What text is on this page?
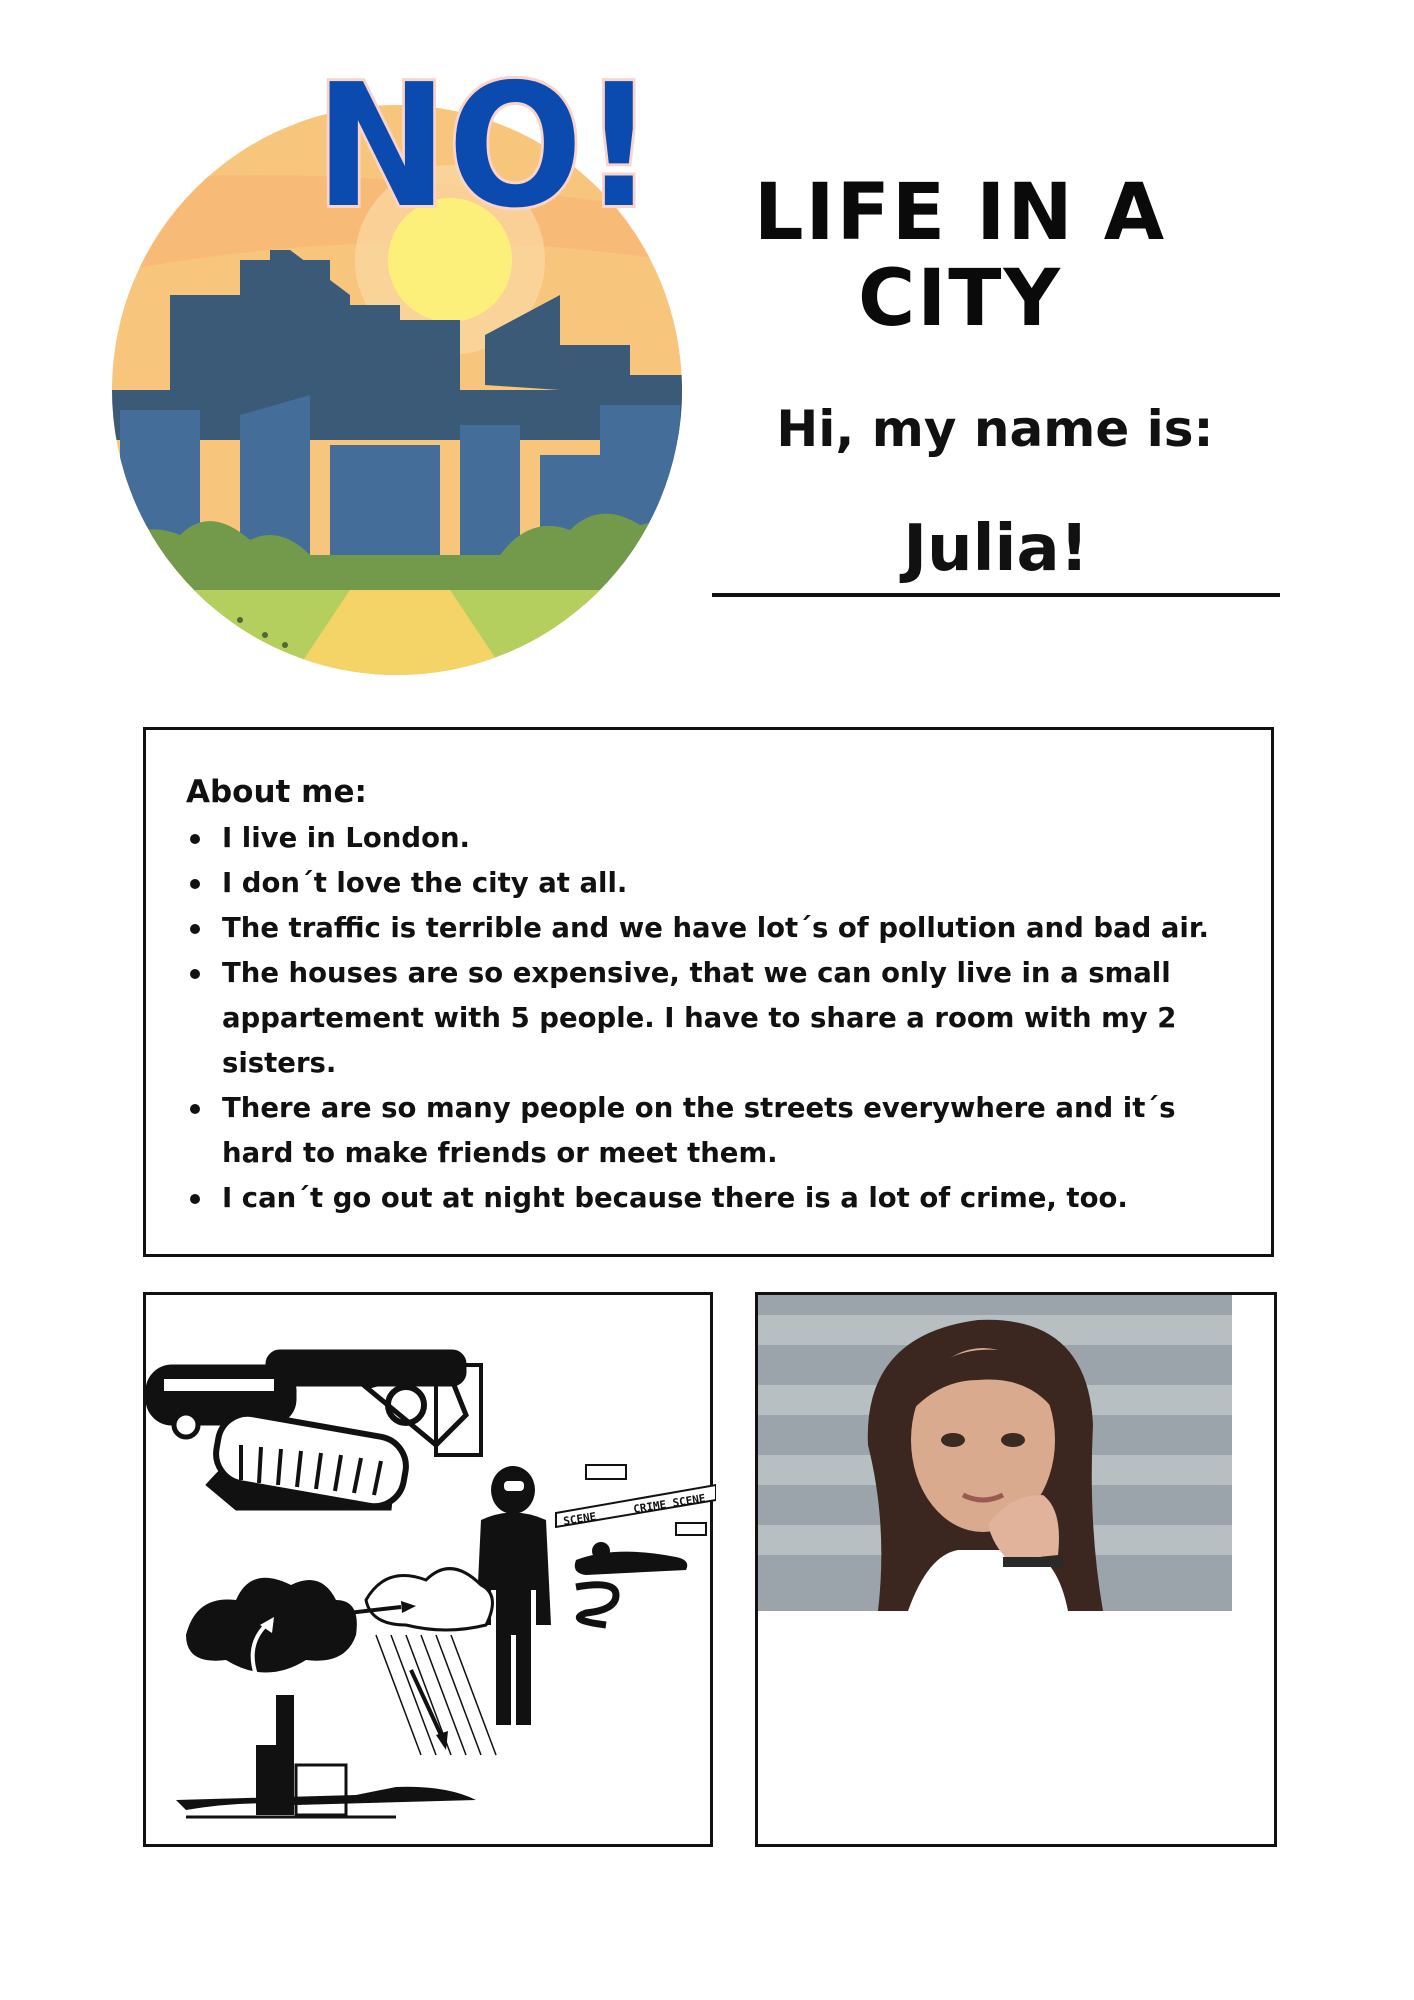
NO!	LIFE IN A
CITY
Hi, my name is:
Julia!
About me:
I live in London.
I don´t love the city at all.
The traffic is terrible and we have lot´s of pollution and bad air.
The houses are so expensive, that we can only live in a small appartement with 5 people. I have to share a room with my 2 sisters.
There are so many people on the streets everywhere and it´s hard to make friends or meet them.
I can´t go out at night because there is a lot of crime, too.
SCENE
CRIME SCENE
